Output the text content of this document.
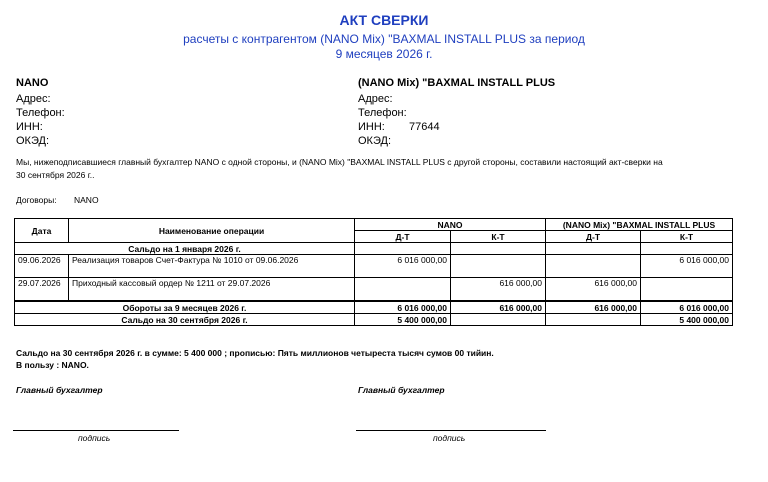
АКТ СВЕРКИ
расчеты с контрагентом (NANO Mix) "BAXMAL INSTALL PLUS за период
9 месяцев 2026 г.
NANO
Адрес:
Телефон:
ИНН:
ОКЭД:
(NANO Mix) "BAXMAL INSTALL PLUS
Адрес:
Телефон:
ИНН: 77644
ОКЭД:
Мы, нижеподписавшиеся главный бухгалтер NANO с одной стороны, и (NANO Mix) "BAXMAL INSTALL PLUS с другой стороны, составили настоящий акт-сверки на
30 сентября 2026 г..
Договоры: NANO
Дата	Наименование операции	NANO		(NANO Mix) "BAXMAL INSTALL PLUS	
		Д-Т	К-Т	Д-Т	К-Т
Сальдо на 1 января 2026 г.					
09.06.2026	Реализация товаров Счет-Фактура № 1010 от 09.06.2026	6 016 000,00			6 016 000,00
29.07.2026	Приходный кассовый ордер № 1211 от 29.07.2026		616 000,00	616 000,00	
Обороты за 9 месяцев 2026 г.		6 016 000,00	616 000,00	616 000,00	6 016 000,00
Сальдо на 30 сентября 2026 г.		5 400 000,00			5 400 000,00
Сальдо на 30 сентября 2026 г. в сумме: 5 400 000 ; прописью: Пять миллионов четыреста тысяч сумов 00 тийин.
В пользу : NANO.
Главный бухгалтер	Главный бухгалтер
подпись	подпись
